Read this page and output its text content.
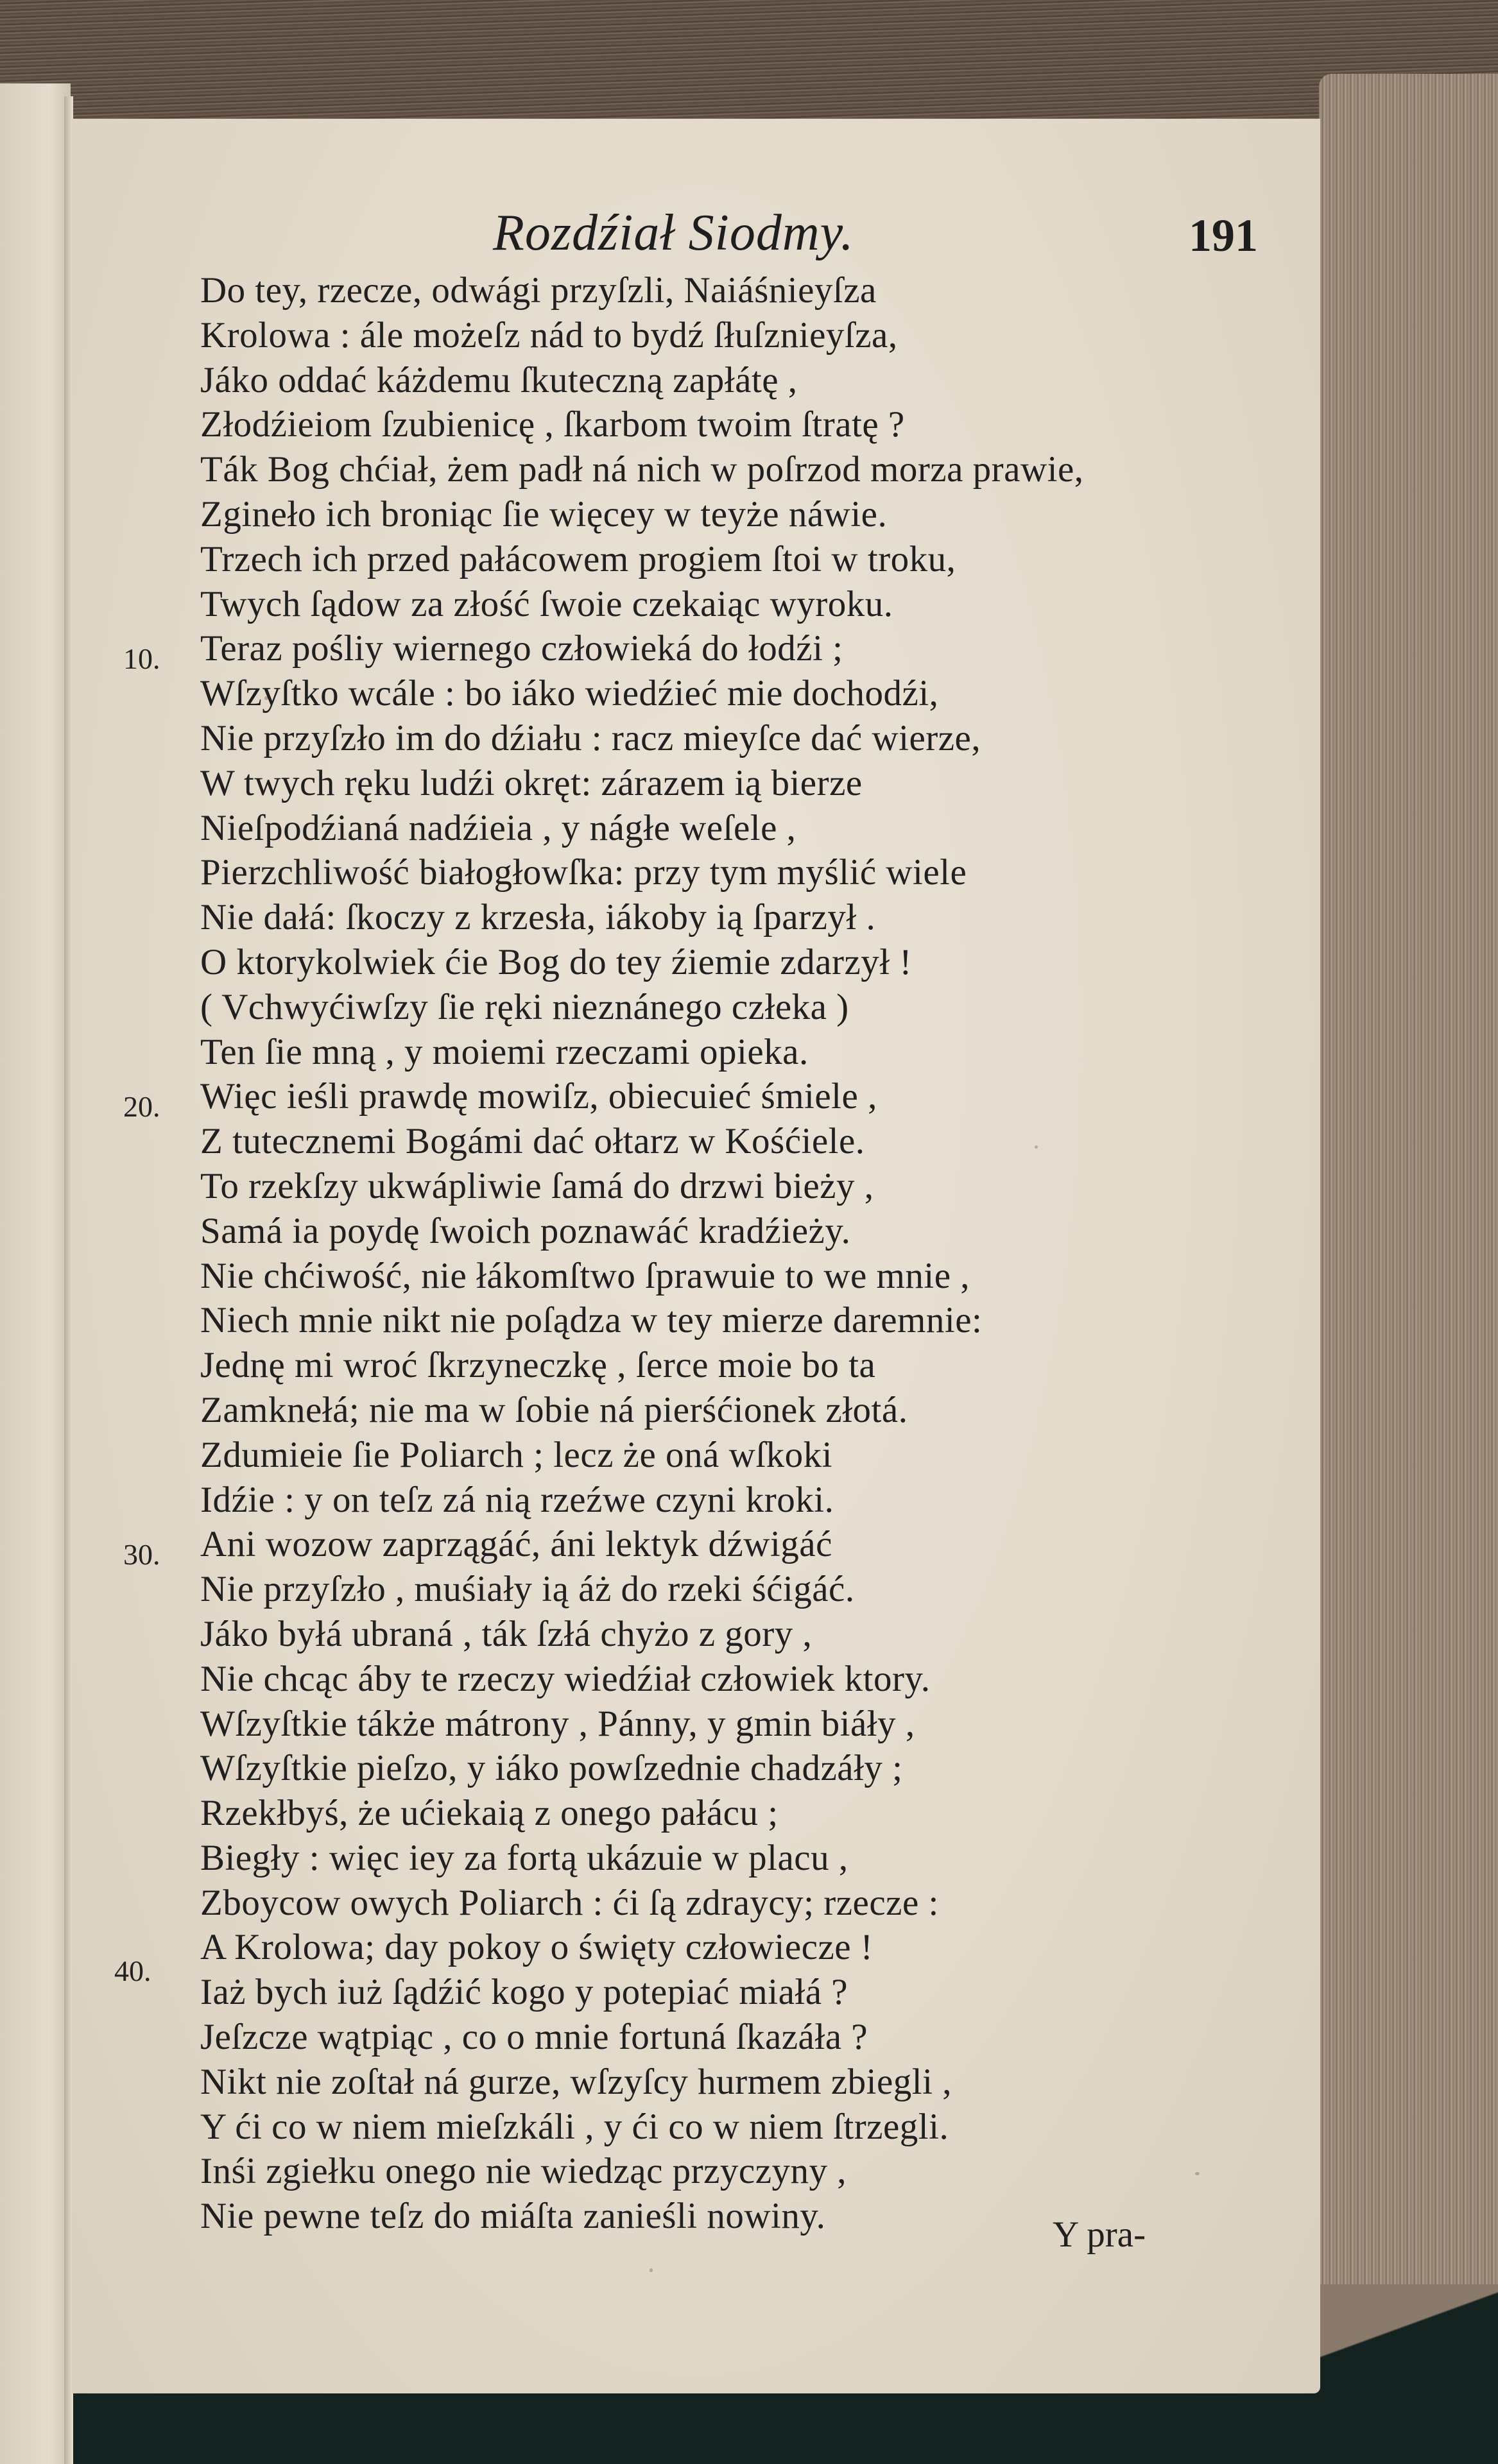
Rozdźiał Siodmy.	191
10.
20.
30.
40.
Do tey, rzecze, odwági przyſzli, Naiáśnieyſza
Krolowa : ále możeſz nád to bydź ſłuſznieyſza,
Jáko oddać káżdemu ſkuteczną zapłátę ,
Złodźieiom ſzubienicę , ſkarbom twoim ſtratę ?
Ták Bog chćiał, żem padł ná nich w poſrzod morza prawie,
Zgineło ich broniąc ſie więcey w teyże náwie.
Trzech ich przed pałácowem progiem ſtoi w troku,
Twych ſądow za złość ſwoie czekaiąc wyroku.
Teraz pośliy wiernego człowieká do łodźi ;
Wſzyſtko wcále : bo iáko wiedźieć mie dochodźi,
Nie przyſzło im do dźiału : racz mieyſce dać wierze,
W twych ręku ludźi okręt: zárazem ią bierze
Nieſpodźianá nadźieia , y nágłe weſele ,
Pierzchliwość białogłowſka: przy tym myślić wiele
Nie dałá: ſkoczy z krzesła, iákoby ią ſparzył .
O ktorykolwiek ćie Bog do tey źiemie zdarzył !
( Vchwyćiwſzy ſie ręki nieznánego człeka )
Ten ſie mną , y moiemi rzeczami opieka.
Więc ieśli prawdę mowiſz, obiecuieć śmiele ,
Z tutecznemi Bogámi dać ołtarz w Kośćiele.
To rzekſzy ukwápliwie ſamá do drzwi bieży ,
Samá ia poydę ſwoich poznawáć kradźieży.
Nie chćiwość, nie łákomſtwo ſprawuie to we mnie ,
Niech mnie nikt nie poſądza w tey mierze daremnie:
Jednę mi wroć ſkrzyneczkę , ſerce moie bo ta
Zamknełá; nie ma w ſobie ná pierśćionek złotá.
Zdumieie ſie Poliarch ; lecz że oná wſkoki
Idźie : y on teſz zá nią rzeźwe czyni kroki.
Ani wozow zaprzągáć, áni lektyk dźwigáć
Nie przyſzło , muśiały ią áż do rzeki śćigáć.
Jáko byłá ubraná , ták ſzłá chyżo z gory ,
Nie chcąc áby te rzeczy wiedźiał człowiek ktory.
Wſzyſtkie tákże mátrony , Pánny, y gmin biáły ,
Wſzyſtkie pieſzo, y iáko powſzednie chadzáły ;
Rzekłbyś, że ućiekaią z onego pałácu ;
Biegły : więc iey za fortą ukázuie w placu ,
Zboycow owych Poliarch : ći ſą zdraycy; rzecze :
A Krolowa; day pokoy o święty człowiecze !
Iaż bych iuż ſądźić kogo y potepiać miałá ?
Jeſzcze wątpiąc , co o mnie fortuná ſkazáła ?
Nikt nie zoſtał ná gurze, wſzyſcy hurmem zbiegli ,
Y ći co w niem mieſzkáli , y ći co w niem ſtrzegli.
Inśi zgiełku onego nie wiedząc przyczyny ,
Nie pewne teſz do miáſta zanieśli nowiny.	Y pra-
